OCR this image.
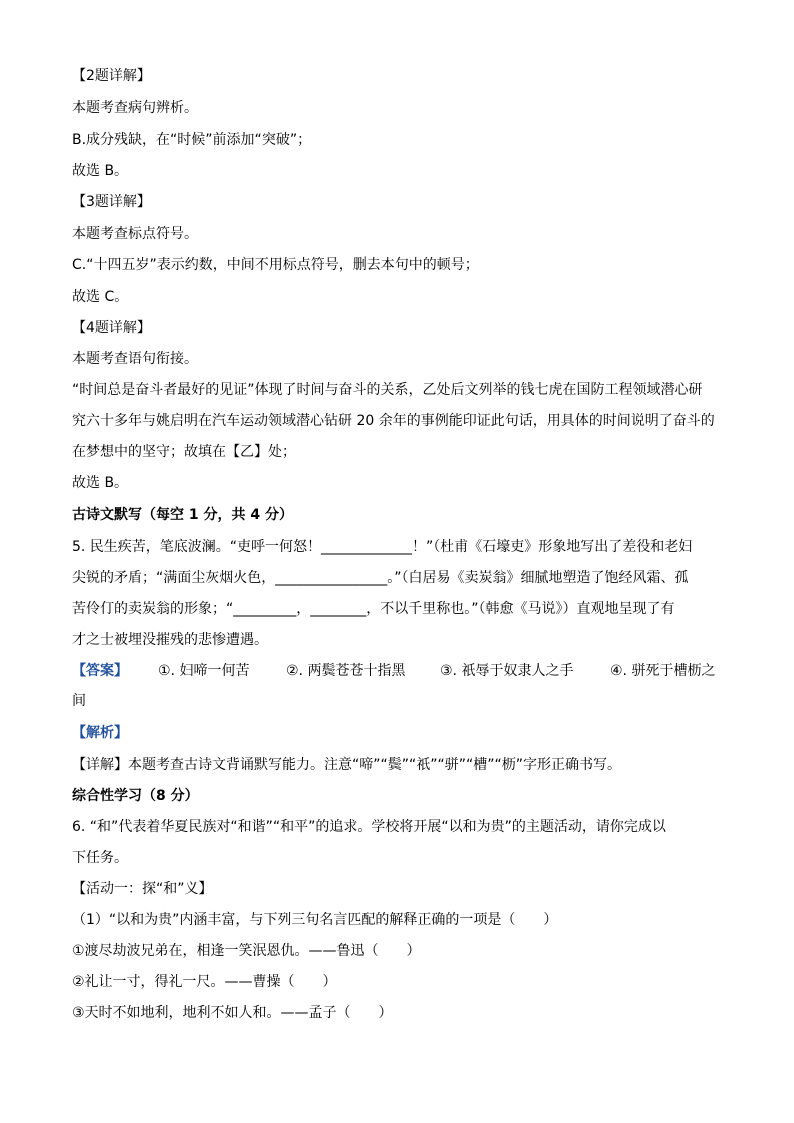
【2题详解】
本题考查病句辨析。
B.成分残缺，在“时候”前添加“突破”；
故选 B。
【3题详解】
本题考查标点符号。
C.“十四五岁”表示约数，中间不用标点符号，删去本句中的顿号；
故选 C。
【4题详解】
本题考查语句衔接。
“时间总是奋斗者最好的见证”体现了时间与奋斗的关系，乙处后文列举的钱七虎在国防工程领域潜心研
究六十多年与姚启明在汽车运动领域潜心钻研 20 余年的事例能印证此句话，用具体的时间说明了奋斗的
在梦想中的坚守；故填在【乙】处；
故选 B。
古诗文默写（每空 1 分，共 4 分）
5. 民生疾苦，笔底波澜。“吏呼一何怒！_____________！”（杜甫《石壕吏》形象地写出了差役和老妇
尖锐的矛盾；“满面尘灰烟火色，________________。”（白居易《卖炭翁》细腻地塑造了饱经风霜、孤
苦伶仃的卖炭翁的形象；“_________，________，不以千里称也。”（韩愈《马说》）直观地呈现了有
才之士被埋没摧残的悲惨遭遇。
【答案】 ①. 妇啼一何苦	②. 两鬓苍苍十指黑 ③. 祇辱于奴隶人之手	④. 骈死于槽枥之
间
【解析】
【详解】本题考查古诗文背诵默写能力。注意“啼”“鬓”“祇”“骈”“槽”“枥”字形正确书写。
综合性学习（8 分）
6. “和”代表着华夏民族对“和谐”“和平”的追求。学校将开展“以和为贵”的主题活动，请你完成以
下任务。
【活动一：探“和”义】
（1）“以和为贵”内涵丰富，与下列三句名言匹配的解释正确的一项是（　　）
①渡尽劫波兄弟在，相逢一笑泯恩仇。——鲁迅（　　）
②礼让一寸，得礼一尺。——曹操（　　）
③天时不如地利，地利不如人和。——孟子（　　）
